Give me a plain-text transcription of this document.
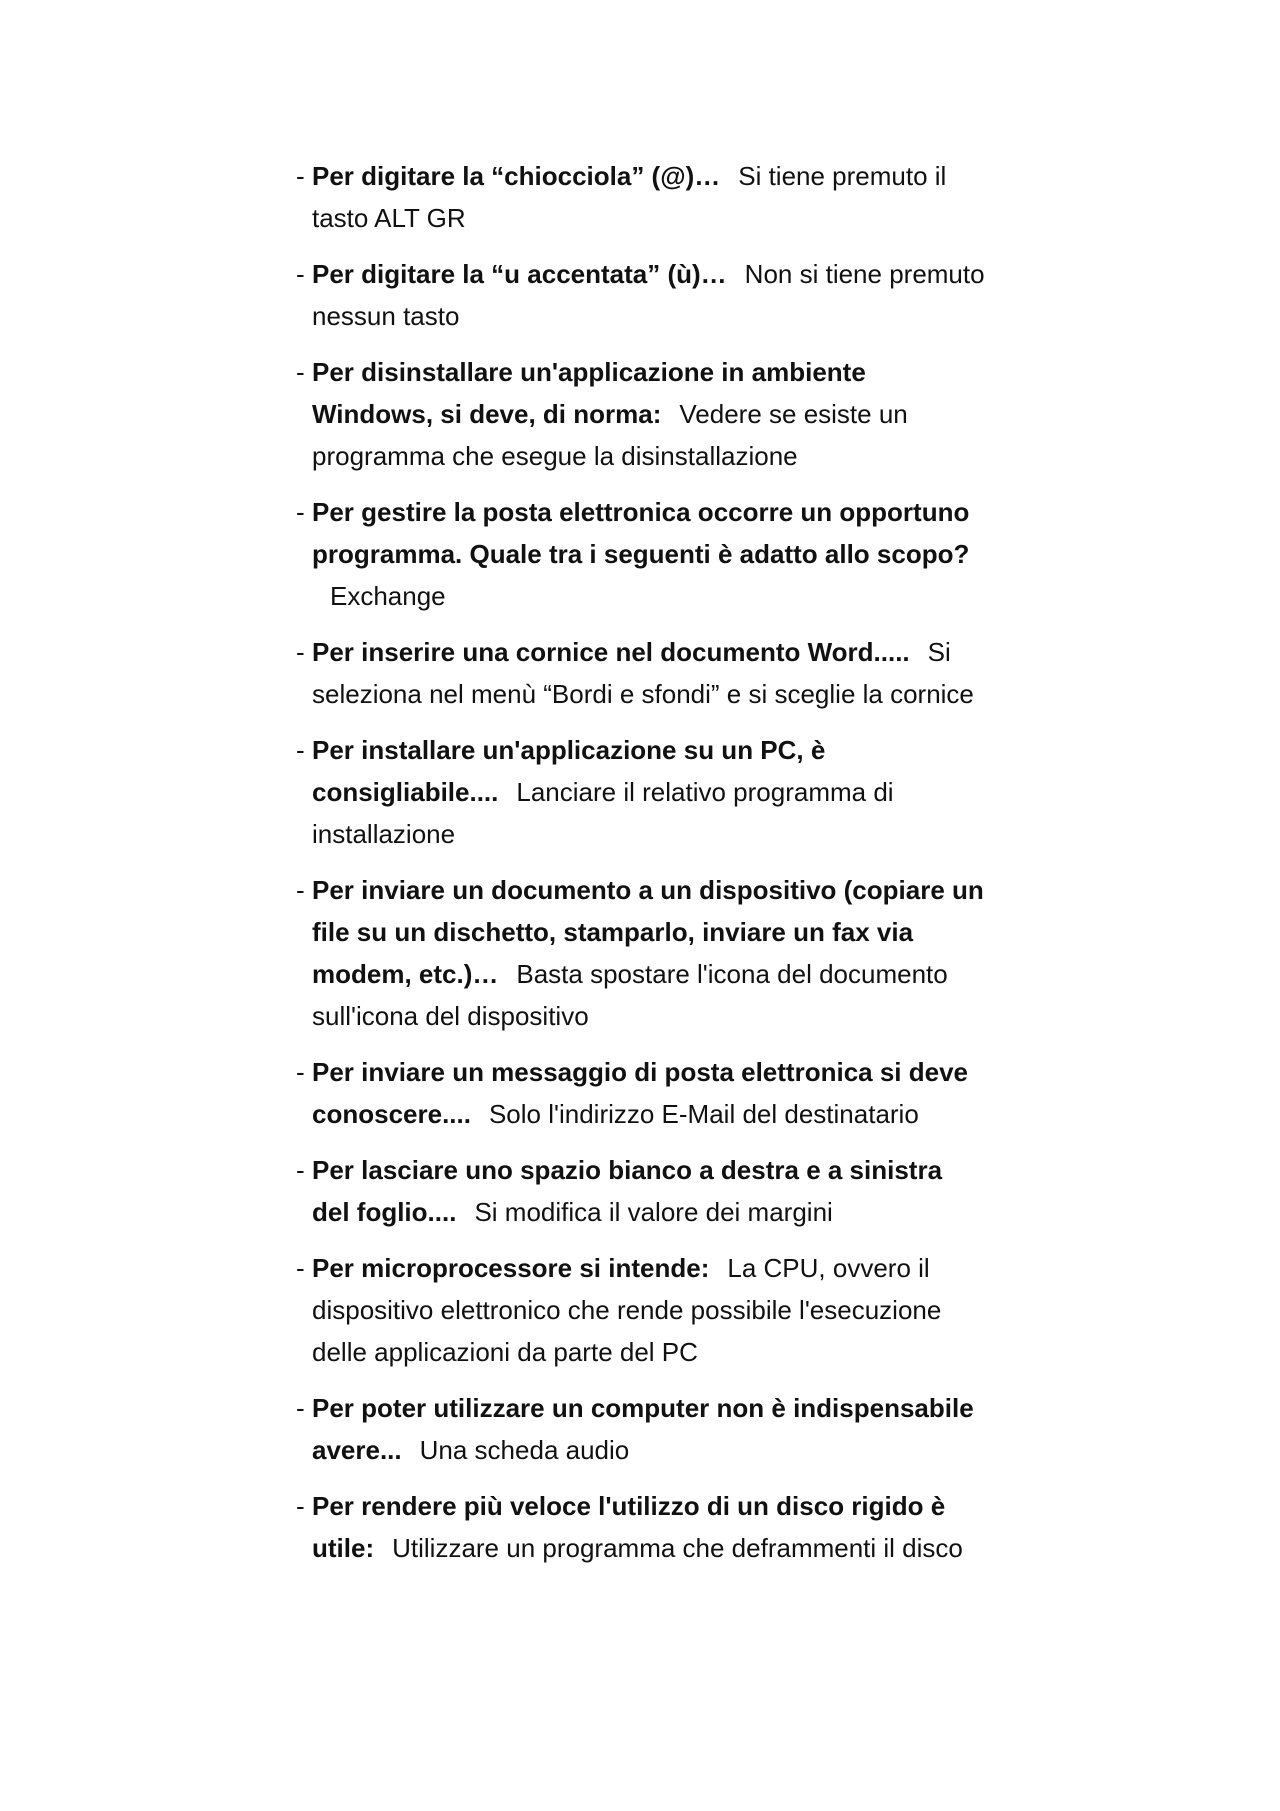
- Per digitare la “chiocciola” (@)… Si tiene premuto il tasto ALT GR
- Per digitare la “u accentata” (ù)… Non si tiene premuto nessun tasto
- Per disinstallare un'applicazione in ambiente Windows, si deve, di norma: Vedere se esiste un programma che esegue la disinstallazione
- Per gestire la posta elettronica occorre un opportuno programma. Quale tra i seguenti è adatto allo scopo?Exchange
- Per inserire una cornice nel documento Word..... Si seleziona nel menù “Bordi e sfondi” e si sceglie la cornice
- Per installare un'applicazione su un PC, è consigliabile.... Lanciare il relativo programma di installazione
- Per inviare un documento a un dispositivo (copiare un file su un dischetto, stamparlo, inviare un fax via modem, etc.)… Basta spostare l'icona del documento sull'icona del dispositivo
- Per inviare un messaggio di posta elettronica si deve conoscere.... Solo l'indirizzo E-Mail del destinatario
- Per lasciare uno spazio bianco a destra e a sinistra del foglio.... Si modifica il valore dei margini
- Per microprocessore si intende: La CPU, ovvero il dispositivo elettronico che rende possibile l'esecuzione delle applicazioni da parte del PC
- Per poter utilizzare un computer non è indispensabile avere... Una scheda audio
- Per rendere più veloce l'utilizzo di un disco rigido è utile: Utilizzare un programma che deframmenti il disco
